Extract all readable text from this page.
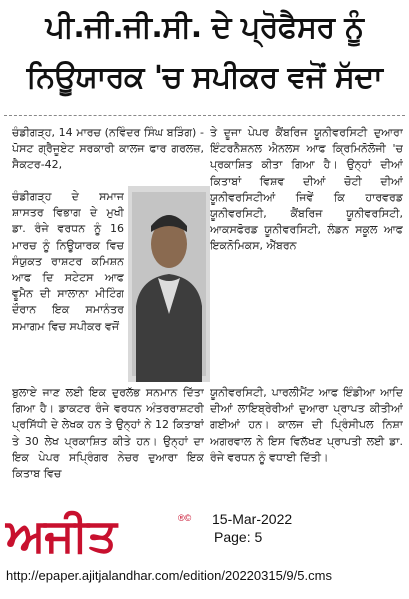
ਪੀ.ਜੀ.ਜੀ.ਸੀ. ਦੇ ਪ੍ਰੋਫੈਸਰ ਨੂੰ
ਨਿਊਯਾਰਕ 'ਚ ਸਪੀਕਰ ਵਜੋਂ ਸੱਦਾ

ਚੰਡੀਗੜ੍ਹ, 14 ਮਾਰਚ (ਨਵਿੰਦਰ ਸਿੰਘ ਬੜਿੰਗ) - ਪੋਸਟ ਗ੍ਰੈਜੂਏਟ ਸਰਕਾਰੀ ਕਾਲਜ ਫਾਰ ਗਰਲਜ਼, ਸੈਕਟਰ-42,

ਚੰਡੀਗੜ੍ਹ ਦੇ ਸਮਾਜ ਸ਼ਾਸਤਰ ਵਿਭਾਗ ਦੇ ਮੁਖੀ ਡਾ. ਰੰਜੇ ਵਰਧਨ ਨੂੰ 16 ਮਾਰਚ ਨੂੰ ਨਿਊਯਾਰਕ ਵਿਚ ਸੰਯੁਕਤ ਰਾਸ਼ਟਰ ਕਮਿਸ਼ਨ ਆਫ ਦਿ ਸਟੇਟਸ ਆਫ ਵੂਮੈਨ ਦੀ ਸਾਲਾਨਾ ਮੀਟਿੰਗ ਦੌਰਾਨ ਇਕ ਸਮਾਨੰਤਰ ਸਮਾਗਮ ਵਿਚ ਸਪੀਕਰ ਵਜੋਂ

ਬੁਲਾਏ ਜਾਣ ਲਈ ਇਕ ਦੁਰਲੱਭ ਸਨਮਾਨ ਦਿੱਤਾ ਗਿਆ ਹੈ। ਡਾਕਟਰ ਰੰਜੇ ਵਰਧਨ ਅੰਤਰਰਾਸ਼ਟਰੀ ਪ੍ਰਸਿੱਧੀ ਦੇ ਲੇਖਕ ਹਨ ਤੇ ਉਨ੍ਹਾਂ ਨੇ 12 ਕਿਤਾਬਾਂ ਤੇ 30 ਲੇਖ ਪ੍ਰਕਾਸ਼ਿਤ ਕੀਤੇ ਹਨ। ਉਨ੍ਹਾਂ ਦਾ ਇਕ ਪੇਪਰ ਸਪ੍ਰਿੰਗਰ ਨੇਚਰ ਦੁਆਰਾ ਇਕ ਕਿਤਾਬ ਵਿਚ

ਤੇ ਦੂਜਾ ਪੇਪਰ ਕੈਂਬਰਿਜ ਯੂਨੀਵਰਸਿਟੀ ਦੁਆਰਾ ਇੰਟਰਨੈਸ਼ਨਲ ਐਨਲਸ ਆਫ ਕ੍ਰਿਮਿਨੋਲੋਜੀ 'ਚ ਪ੍ਰਕਾਸ਼ਿਤ ਕੀਤਾ ਗਿਆ ਹੈ। ਉਨ੍ਹਾਂ ਦੀਆਂ ਕਿਤਾਬਾਂ ਵਿਸ਼ਵ ਦੀਆਂ ਚੋਟੀ ਦੀਆਂ ਯੂਨੀਵਰਸਿਟੀਆਂ ਜਿਵੇਂ ਕਿ ਹਾਰਵਰਡ ਯੂਨੀਵਰਸਿਟੀ, ਕੈਂਬਰਿਜ ਯੂਨੀਵਰਸਿਟੀ, ਆਕਸਫੋਰਡ ਯੂਨੀਵਰਸਿਟੀ, ਲੰਡਨ ਸਕੂਲ ਆਫ ਇਕਨੋਮਿਕਸ, ਐੱਬਰਨ

ਯੂਨੀਵਰਸਿਟੀ, ਪਾਰਲੀਮੈਂਟ ਆਫ ਇੰਡੀਆ ਆਦਿ ਦੀਆਂ ਲਾਇਬ੍ਰੇਰੀਆਂ ਦੁਆਰਾ ਪ੍ਰਾਪਤ ਕੀਤੀਆਂ ਗਈਆਂ ਹਨ। ਕਾਲਜ ਦੀ ਪ੍ਰਿੰਸੀਪਲ ਨਿਸ਼ਾ ਅਗਰਵਾਲ ਨੇ ਇਸ ਵਿਲੱਖਣ ਪ੍ਰਾਪਤੀ ਲਈ ਡਾ. ਰੰਜੇ ਵਰਧਨ ਨੂੰ ਵਧਾਈ ਦਿੱਤੀ।

ਅਜੀਤ	®© 15-Mar-2022
Page: 5
http://epaper.ajitjalandhar.com/edition/20220315/9/5.cms
